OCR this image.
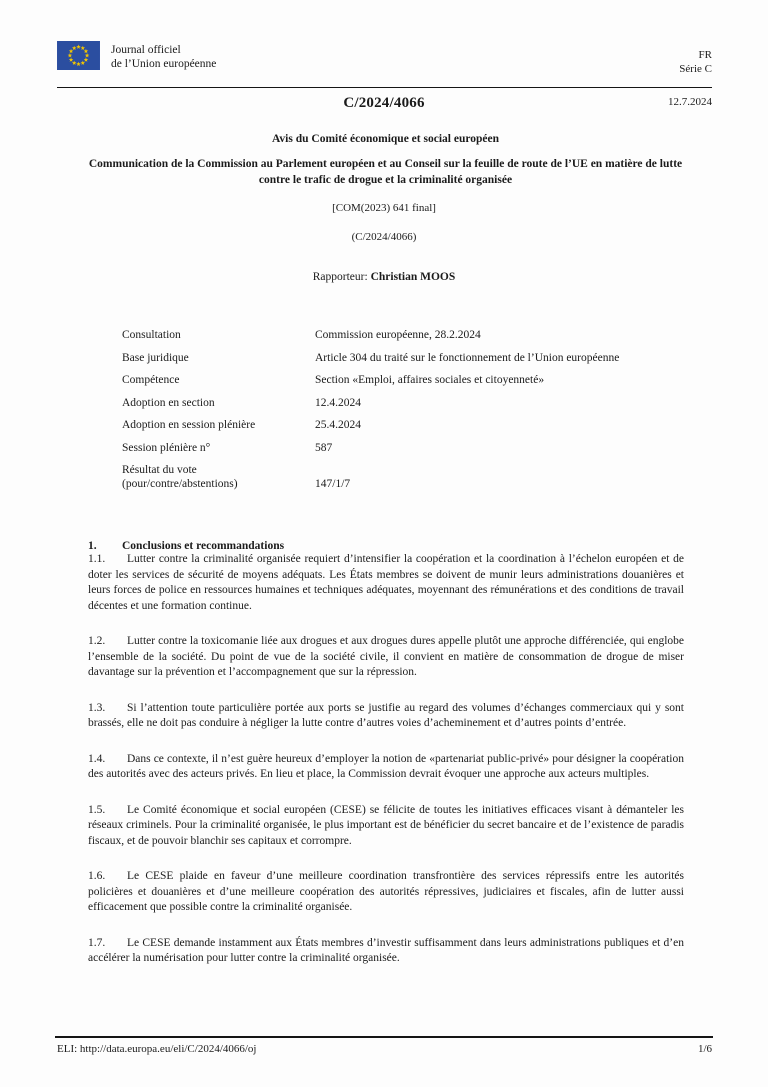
Journal officiel
de l’Union européenne
FR
Série C
C/2024/4066	12.7.2024
Avis du Comité économique et social européen
Communication de la Commission au Parlement européen et au Conseil sur la feuille de route de l’UE en matière de lutte contre le trafic de drogue et la criminalité organisée
[COM(2023) 641 final]
(C/2024/4066)
Rapporteur: Christian MOOS
Consultation	Commission européenne, 28.2.2024
Base juridique	Article 304 du traité sur le fonctionnement de l’Union européenne
Compétence	Section «Emploi, affaires sociales et citoyenneté»
Adoption en section	12.4.2024
Adoption en session plénière	25.4.2024
Session plénière n°	587
Résultat du vote
(pour/contre/abstentions)	147/1/7
1.	Conclusions et recommandations
1.1. Lutter contre la criminalité organisée requiert d’intensifier la coopération et la coordination à l’échelon européen et de doter les services de sécurité de moyens adéquats. Les États membres se doivent de munir leurs administrations douanières et leurs forces de police en ressources humaines et techniques adéquates, moyennant des rémunérations et des conditions de travail décentes et une formation continue.
1.2. Lutter contre la toxicomanie liée aux drogues et aux drogues dures appelle plutôt une approche différenciée, qui englobe l’ensemble de la société. Du point de vue de la société civile, il convient en matière de consommation de drogue de miser davantage sur la prévention et l’accompagnement que sur la répression.
1.3. Si l’attention toute particulière portée aux ports se justifie au regard des volumes d’échanges commerciaux qui y sont brassés, elle ne doit pas conduire à négliger la lutte contre d’autres voies d’acheminement et d’autres points d’entrée.
1.4. Dans ce contexte, il n’est guère heureux d’employer la notion de «partenariat public-privé» pour désigner la coopération des autorités avec des acteurs privés. En lieu et place, la Commission devrait évoquer une approche aux acteurs multiples.
1.5. Le Comité économique et social européen (CESE) se félicite de toutes les initiatives efficaces visant à démanteler les réseaux criminels. Pour la criminalité organisée, le plus important est de bénéficier du secret bancaire et de l’existence de paradis fiscaux, et de pouvoir blanchir ses capitaux et corrompre.
1.6. Le CESE plaide en faveur d’une meilleure coordination transfrontière des services répressifs entre les autorités policières et douanières et d’une meilleure coopération des autorités répressives, judiciaires et fiscales, afin de lutter aussi efficacement que possible contre la criminalité organisée.
1.7. Le CESE demande instamment aux États membres d’investir suffisamment dans leurs administrations publiques et d’en accélérer la numérisation pour lutter contre la criminalité organisée.
ELI: http://data.europa.eu/eli/C/2024/4066/oj	1/6
